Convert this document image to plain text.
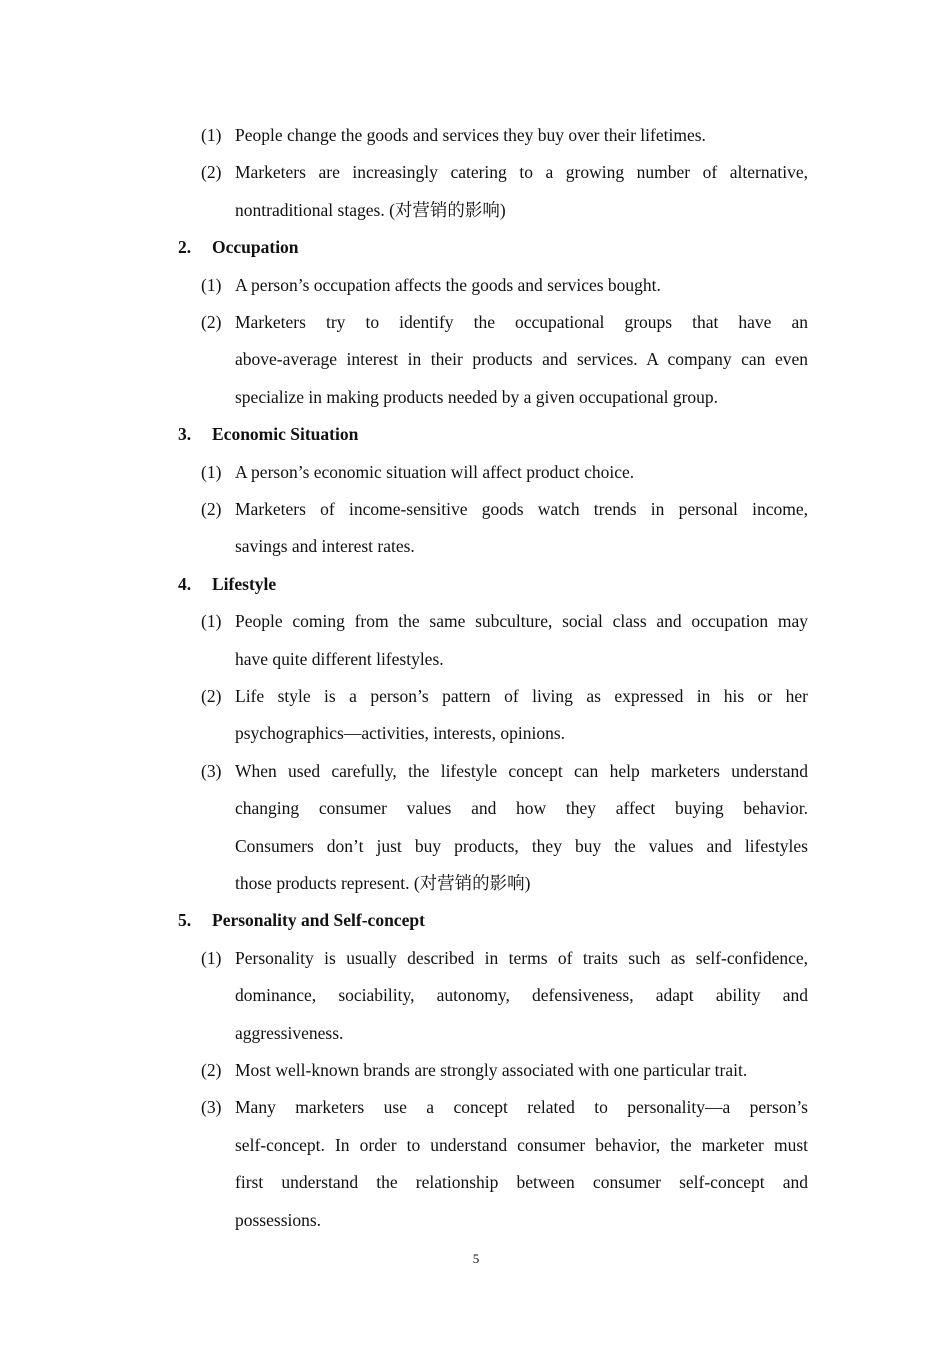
(1) People change the goods and services they buy over their lifetimes.
(2) Marketers are increasingly catering to a growing number of alternative,
nontraditional stages. (对营销的影响)
2. Occupation
(1) A person’s occupation affects the goods and services bought.
(2) Marketers try to identify the occupational groups that have an
above-average interest in their products and services. A company can even
specialize in making products needed by a given occupational group.
3. Economic Situation
(1) A person’s economic situation will affect product choice.
(2) Marketers of income-sensitive goods watch trends in personal income,
savings and interest rates.
4. Lifestyle
(1) People coming from the same subculture, social class and occupation may
have quite different lifestyles.
(2) Life style is a person’s pattern of living as expressed in his or her
psychographics—activities, interests, opinions.
(3) When used carefully, the lifestyle concept can help marketers understand
changing consumer values and how they affect buying behavior.
Consumers don’t just buy products, they buy the values and lifestyles
those products represent. (对营销的影响)
5. Personality and Self-concept
(1) Personality is usually described in terms of traits such as self-confidence,
dominance, sociability, autonomy, defensiveness, adapt ability and
aggressiveness.
(2) Most well-known brands are strongly associated with one particular trait.
(3) Many marketers use a concept related to personality—a person’s
self-concept. In order to understand consumer behavior, the marketer must
first understand the relationship between consumer self-concept and
possessions.
5
